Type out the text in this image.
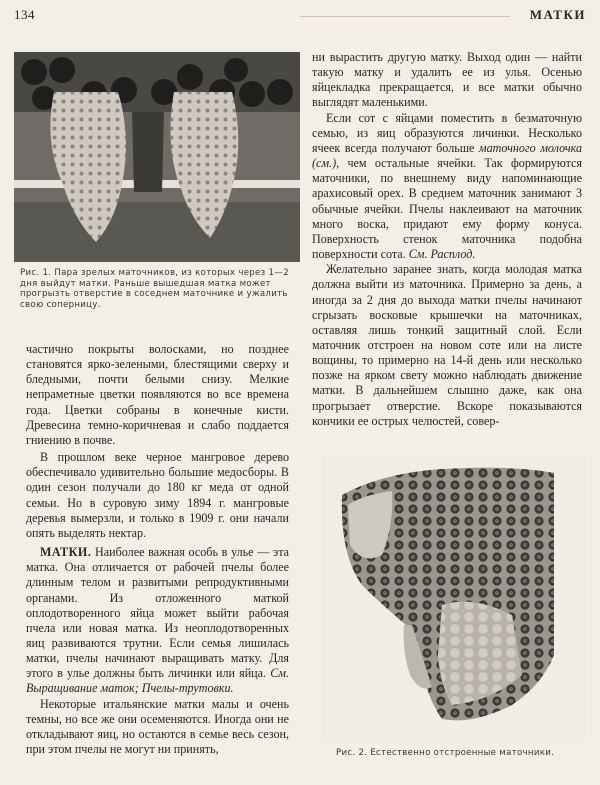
134	МАТКИ
Рис. 1. Пара зрелых маточников, из которых через 1—2 дня выйдут матки. Раньше вышедшая матка может прогрызть отверстие в соседнем маточнике и ужалить свою соперницу.

частично покрыты волосками, но позднее становятся ярко-зелеными, блестящими сверху и бледными, почти белыми снизу. Мелкие непраметные цветки появляются во все времена года. Цветки собраны в конечные кисти. Древесина темно-коричневая и слабо поддается гниению в почве.

В прошлом веке черное мангровое дерево обеспечивало удивительно большие медосборы. В один сезон получали до 180 кг меда от одной семьи. Но в суровую зиму 1894 г. мангровые деревья вымерзли, и только в 1909 г. они начали опять выделять нектар.

МАТКИ. Наиболее важная особь в улье — эта матка. Она отличается от рабочей пчелы более длинным телом и развитыми репродуктивными органами. Из отложенного маткой оплодотворенного яйца может выйти рабочая пчела или новая матка. Из неоплодотворенных яиц развиваются трутни. Если семья лишилась матки, пчелы начинают выращивать матку. Для этого в улье должны быть личинки или яйца. См. Выращивание маток; Пчелы-трутовки.

Некоторые итальянские матки малы и очень темны, но все же они осеменяются. Иногда они не откладывают яиц, но остаются в семье весь сезон, при этом пчелы не могут ни принять,

ни вырастить другую матку. Выход один — найти такую матку и удалить ее из улья. Осенью яйцекладка прекращается, и все матки обычно выглядят маленькими.

Если сот с яйцами поместить в безматочную семью, из яиц образуются личинки. Несколько ячеек всегда получают больше маточного молочка (см.), чем остальные ячейки. Так формируются маточники, по внешнему виду напоминающие арахисовый орех. В среднем маточник занимают 3 обычные ячейки. Пчелы наклеивают на маточник много воска, придают ему форму конуса. Поверхность стенок маточника подобна поверхности сота. См. Расплод.

Желательно заранее знать, когда молодая матка должна выйти из маточника. Примерно за день, а иногда за 2 дня до выхода матки пчелы начинают сгрызать восковые крышечки на маточниках, оставляя лишь тонкий защитный слой. Если маточник отстроен на новом соте или на листе вощины, то примерно на 14-й день или несколько позже на ярком свету можно наблюдать движение матки. В дальнейшем слышно даже, как она прогрызает отверстие. Вскоре показываются кончики ее острых челюстей, совер-

Рис. 2. Естественно отстроенные маточники.
